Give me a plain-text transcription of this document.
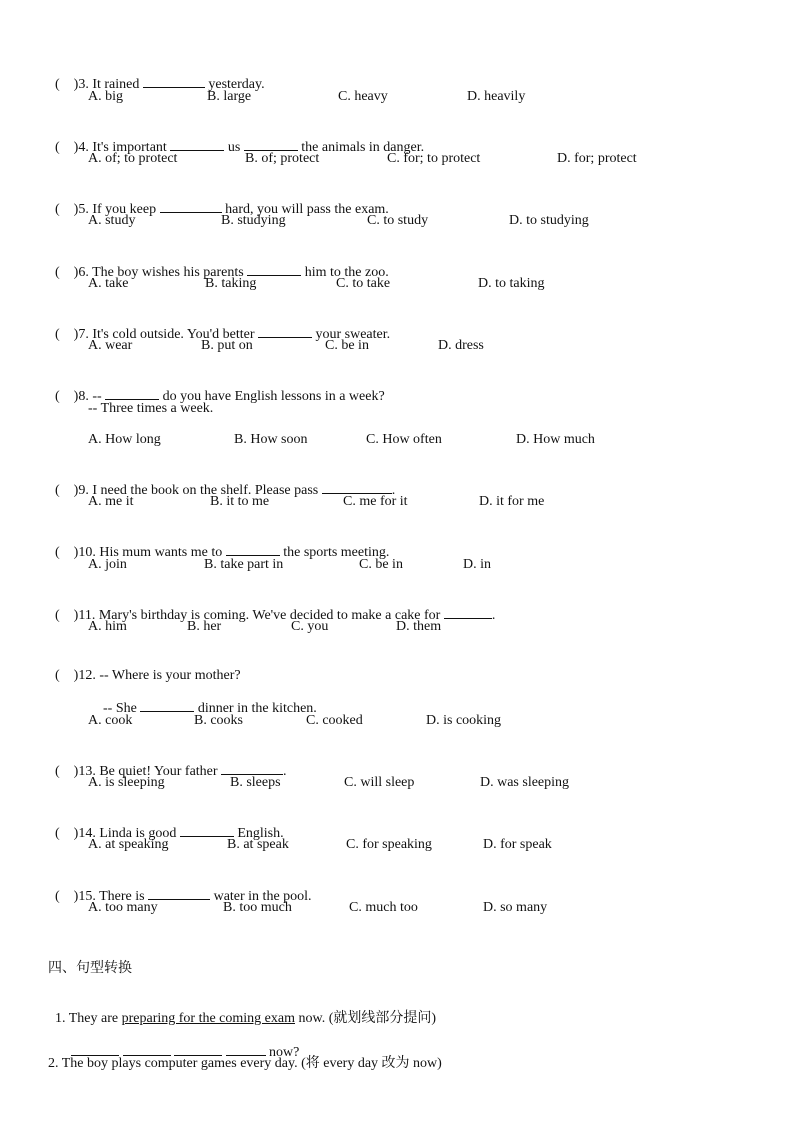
( )3. It rained	yesterday.

A. big

	B. large

	C. heavy

	D. heavily

( )4. It's important	us	the animals in danger.

A. of; to protect

	B. of; protect

	C. for; to protect

	D. for; protect

( )5. If you keep	hard, you will pass the exam.

A. study

	B. studying

	C. to study

	D. to studying

( )6. The boy wishes his parents	him to the zoo.

A. take

	B. taking

	C. to take

	D. to taking

( )7. It's cold outside. You'd better	your sweater.

A. wear

	B. put on

	C. be in

	D. dress

( )8. --	do you have English lessons in a week?

-- Three times a week.

A. How long

	B. How soon

	C. How often

	D. How much

( )9. I need the book on the shelf. Please pass	.

A. me it

	B. it to me

	C. me for it

	D. it for me

( )10. His mum wants me to	the sports meeting.

A. join

	B. take part in

	C. be in

	D. in

( )11. Mary's birthday is coming. We've decided to make a cake for	.

A. him

	B. her

	C. you

	D. them

( )12. -- Where is your mother?

-- She	dinner in the kitchen.

A. cook

	B. cooks

	C. cooked

	D. is cooking

( )13. Be quiet! Your father	.

A. is sleeping

	B. sleeps

	C. will sleep

	D. was sleeping

( )14. Linda is good	English.

A. at speaking

	B. at speak

	C. for speaking

	D. for speak

( )15. There is	water in the pool.

A. too many

	B. too much

	C. much too

	D. so many

四、句型转换

1. They are preparing for the coming exam now. (就划线部分提问)

now?

2. The boy plays computer games every day. (将 every day 改为 now)
